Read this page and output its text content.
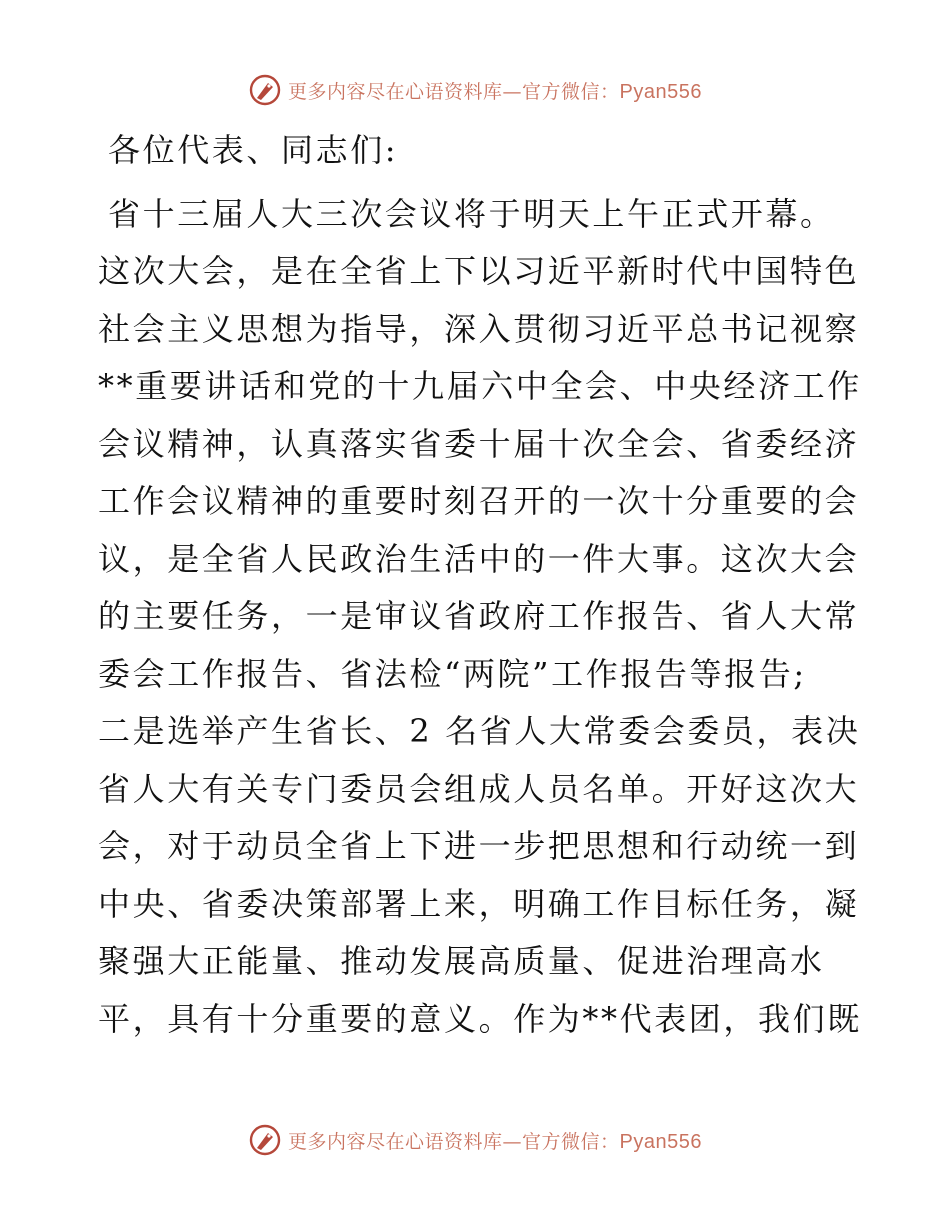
更多内容尽在心语资料库—官方微信：Pyan556

各位代表、同志们:

省十三届人大三次会议将于明天上午正式开幕。

这次大会，是在全省上下以习近平新时代中国特色

社会主义思想为指导，深入贯彻习近平总书记视察

**重要讲话和党的十九届六中全会、中央经济工作

会议精神，认真落实省委十届十次全会、省委经济

工作会议精神的重要时刻召开的一次十分重要的会

议，是全省人民政治生活中的一件大事。这次大会

的主要任务，一是审议省政府工作报告、省人大常

委会工作报告、省法检“两院”工作报告等报告;

二是选举产生省长、2 名省人大常委会委员，表决

省人大有关专门委员会组成人员名单。开好这次大

会，对于动员全省上下进一步把思想和行动统一到

中央、省委决策部署上来，明确工作目标任务，凝

聚强大正能量、推动发展高质量、促进治理高水

平，具有十分重要的意义。作为**代表团，我们既

更多内容尽在心语资料库—官方微信：Pyan556
